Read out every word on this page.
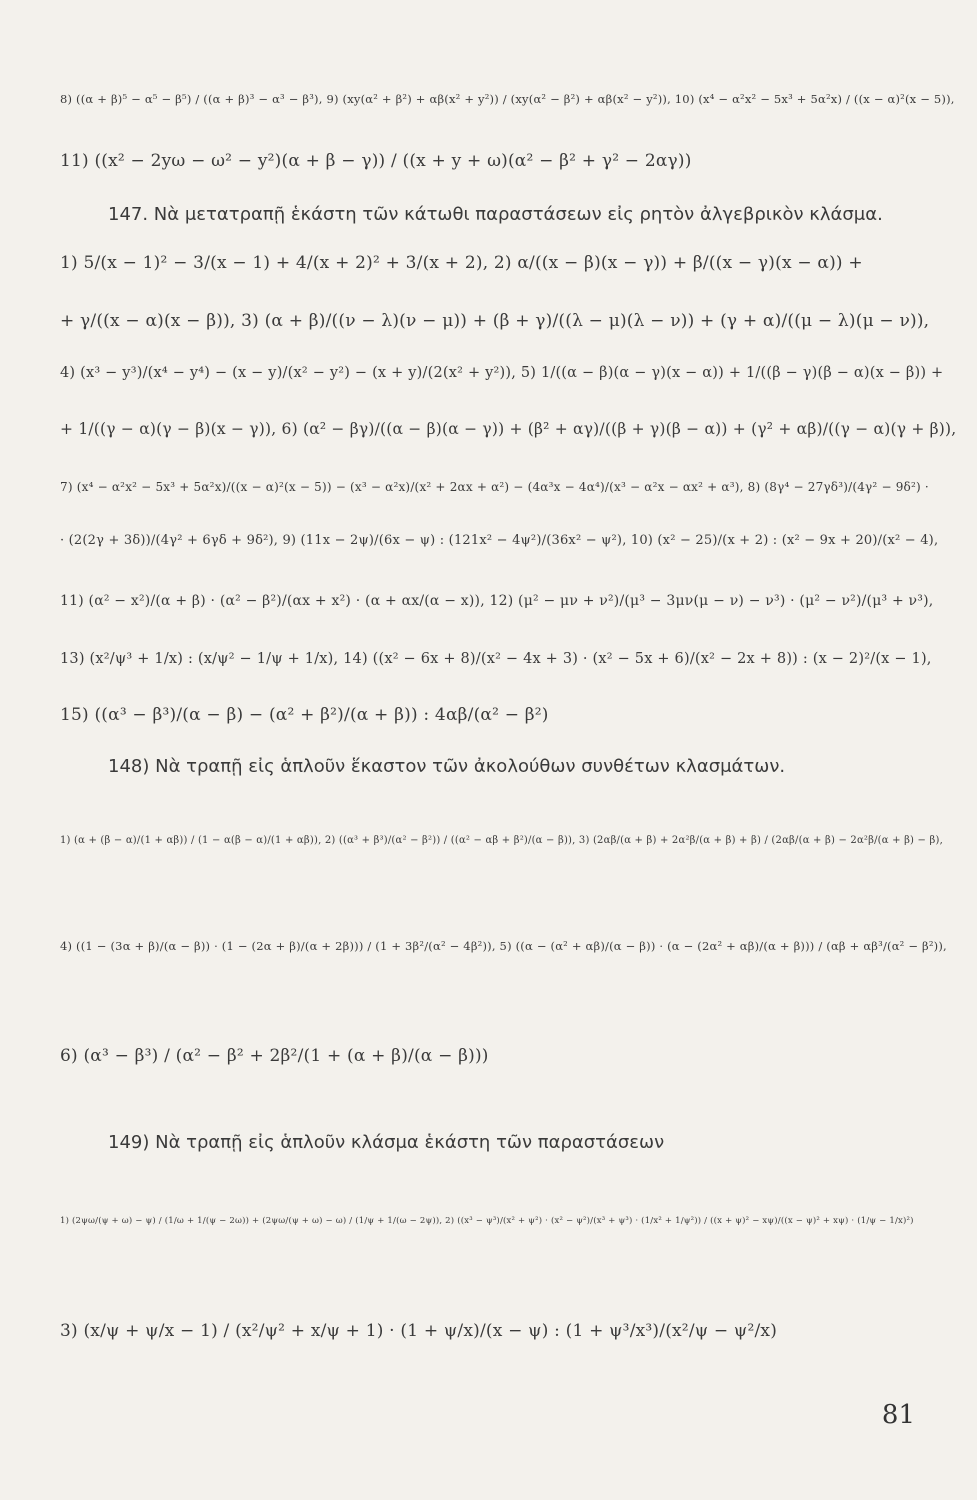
8) ((α + β)⁵ − α⁵ − β⁵) / ((α + β)³ − α³ − β³), 9) (xy(α² + β²) + αβ(x² + y²)) / (xy(α² − β²) + αβ(x² − y²)), 10) (x⁴ − α²x² − 5x³ + 5α²x) / ((x − α)²(x − 5)),
11) ((x² − 2yω − ω² − y²)(α + β − γ)) / ((x + y + ω)(α² − β² + γ² − 2αγ))
147. Νὰ μετατραπῇ ἑκάστη τῶν κάτωθι παραστάσεων εἰς ρητὸν ἀλγεβρικὸν κλάσμα.
1) 5/(x − 1)² − 3/(x − 1) + 4/(x + 2)² + 3/(x + 2), 2) α/((x − β)(x − γ)) + β/((x − γ)(x − α)) +
+ γ/((x − α)(x − β)), 3) (α + β)/((ν − λ)(ν − μ)) + (β + γ)/((λ − μ)(λ − ν)) + (γ + α)/((μ − λ)(μ − ν)),
4) (x³ − y³)/(x⁴ − y⁴) − (x − y)/(x² − y²) − (x + y)/(2(x² + y²)), 5) 1/((α − β)(α − γ)(x − α)) + 1/((β − γ)(β − α)(x − β)) +
+ 1/((γ − α)(γ − β)(x − γ)), 6) (α² − βγ)/((α − β)(α − γ)) + (β² + αγ)/((β + γ)(β − α)) + (γ² + αβ)/((γ − α)(γ + β)),
7) (x⁴ − α²x² − 5x³ + 5α²x)/((x − α)²(x − 5)) − (x³ − α²x)/(x² + 2αx + α²) − (4α³x − 4α⁴)/(x³ − α²x − αx² + α³), 8) (8γ⁴ − 27γδ³)/(4γ² − 9δ²) ·
· (2(2γ + 3δ))/(4γ² + 6γδ + 9δ²), 9) (11x − 2ψ)/(6x − ψ) : (121x² − 4ψ²)/(36x² − ψ²), 10) (x² − 25)/(x + 2) : (x² − 9x + 20)/(x² − 4),
11) (α² − x²)/(α + β) · (α² − β²)/(αx + x²) · (α + αx/(α − x)), 12) (μ² − μν + ν²)/(μ³ − 3μν(μ − ν) − ν³) · (μ² − ν²)/(μ³ + ν³),
13) (x²/ψ³ + 1/x) : (x/ψ² − 1/ψ + 1/x), 14) ((x² − 6x + 8)/(x² − 4x + 3) · (x² − 5x + 6)/(x² − 2x + 8)) : (x − 2)²/(x − 1),
15) ((α³ − β³)/(α − β) − (α² + β²)/(α + β)) : 4αβ/(α² − β²)
148) Νὰ τραπῇ εἰς ἁπλοῦν ἕκαστον τῶν ἀκολούθων συνθέτων κλασμάτων.
1) (α + (β − α)/(1 + αβ)) / (1 − α(β − α)/(1 + αβ)), 2) ((α³ + β³)/(α² − β²)) / ((α² − αβ + β²)/(α − β)), 3) (2αβ/(α + β) + 2α²β/(α + β) + β) / (2αβ/(α + β) − 2α²β/(α + β) − β),
4) ((1 − (3α + β)/(α − β)) · (1 − (2α + β)/(α + 2β))) / (1 + 3β²/(α² − 4β²)), 5) ((α − (α² + αβ)/(α − β)) · (α − (2α² + αβ)/(α + β))) / (αβ + αβ³/(α² − β²)),
6) (α³ − β³) / (α² − β² + 2β²/(1 + (α + β)/(α − β)))
149) Νὰ τραπῇ εἰς ἁπλοῦν κλάσμα ἑκάστη τῶν παραστάσεων
1) (2ψω/(ψ + ω) − ψ) / (1/ω + 1/(ψ − 2ω)) + (2ψω/(ψ + ω) − ω) / (1/ψ + 1/(ω − 2ψ)), 2) ((x³ − ψ³)/(x² + ψ²) · (x² − ψ²)/(x³ + ψ³) · (1/x² + 1/ψ²)) / ((x + ψ)² − xψ)/((x − ψ)² + xψ) · (1/ψ − 1/x)²)
3) (x/ψ + ψ/x − 1) / (x²/ψ² + x/ψ + 1) · (1 + ψ/x)/(x − ψ) : (1 + ψ³/x³)/(x²/ψ − ψ²/x)
81
